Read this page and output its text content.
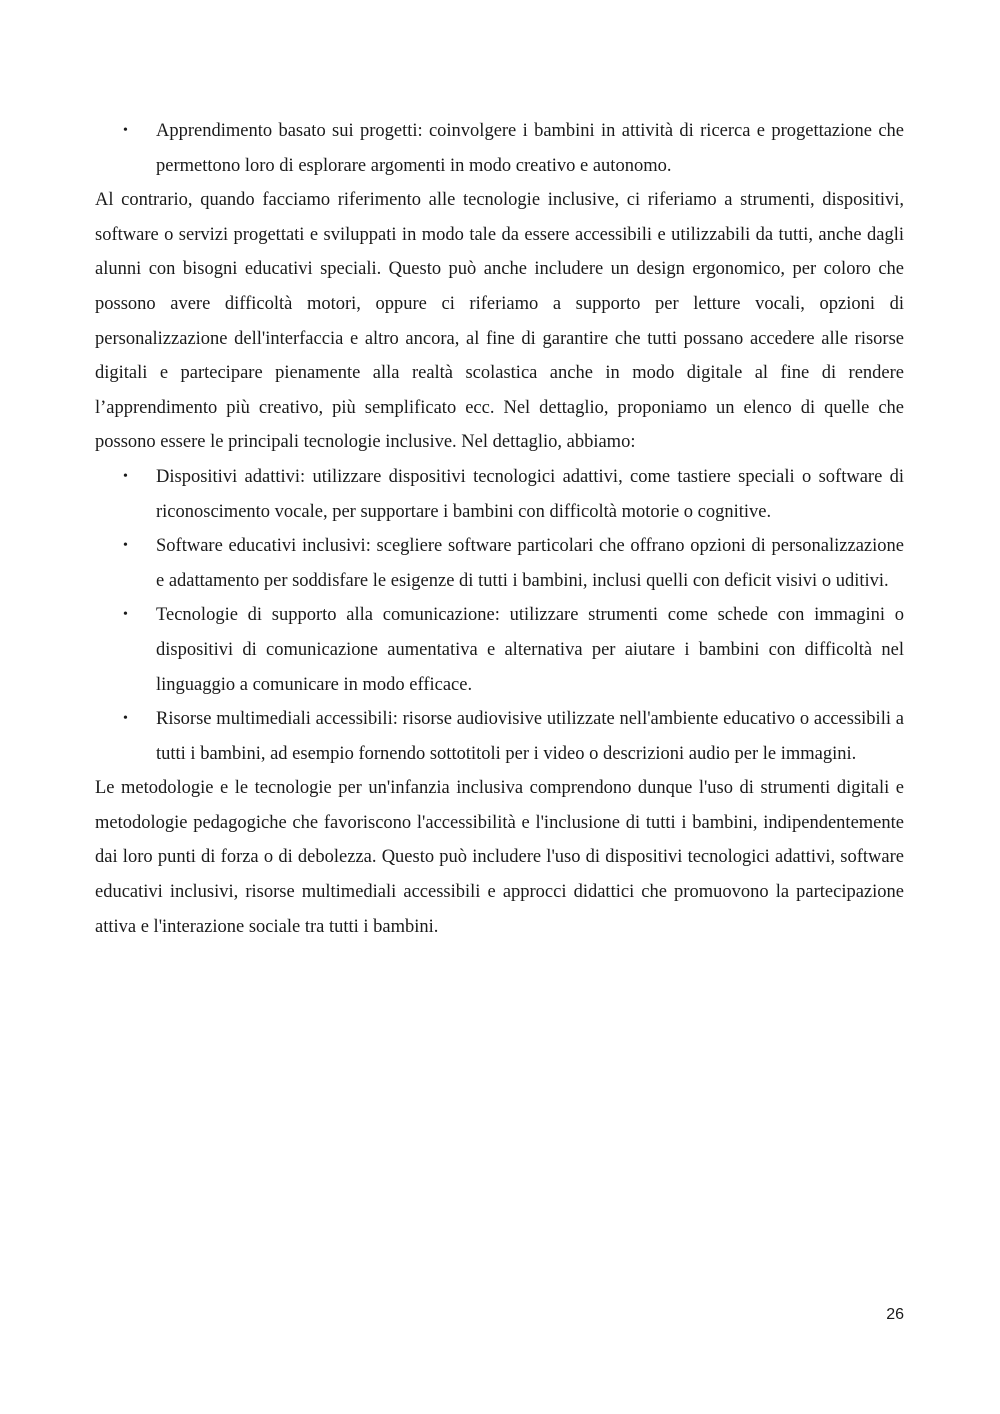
• Apprendimento basato sui progetti: coinvolgere i bambini in attività di ricerca e progettazione che permettono loro di esplorare argomenti in modo creativo e autonomo.

Al contrario, quando facciamo riferimento alle tecnologie inclusive, ci riferiamo a strumenti, dispositivi, software o servizi progettati e sviluppati in modo tale da essere accessibili e utilizzabili da tutti, anche dagli alunni con bisogni educativi speciali. Questo può anche includere un design ergonomico, per coloro che possono avere difficoltà motori, oppure ci riferiamo a supporto per letture vocali, opzioni di personalizzazione dell'interfaccia e altro ancora, al fine di garantire che tutti possano accedere alle risorse digitali e partecipare pienamente alla realtà scolastica anche in modo digitale al fine di rendere l’apprendimento più creativo, più semplificato ecc. Nel dettaglio, proponiamo un elenco di quelle che possono essere le principali tecnologie inclusive. Nel dettaglio, abbiamo:

• Dispositivi adattivi: utilizzare dispositivi tecnologici adattivi, come tastiere speciali o software di riconoscimento vocale, per supportare i bambini con difficoltà motorie o cognitive.
• Software educativi inclusivi: scegliere software particolari che offrano opzioni di personalizzazione e adattamento per soddisfare le esigenze di tutti i bambini, inclusi quelli con deficit visivi o uditivi.
• Tecnologie di supporto alla comunicazione: utilizzare strumenti come schede con immagini o dispositivi di comunicazione aumentativa e alternativa per aiutare i bambini con difficoltà nel linguaggio a comunicare in modo efficace.
• Risorse multimediali accessibili: risorse audiovisive utilizzate nell'ambiente educativo o accessibili a tutti i bambini, ad esempio fornendo sottotitoli per i video o descrizioni audio per le immagini.

Le metodologie e le tecnologie per un'infanzia inclusiva comprendono dunque l'uso di strumenti digitali e metodologie pedagogiche che favoriscono l'accessibilità e l'inclusione di tutti i bambini, indipendentemente dai loro punti di forza o di debolezza. Questo può includere l'uso di dispositivi tecnologici adattivi, software educativi inclusivi, risorse multimediali accessibili e approcci didattici che promuovono la partecipazione attiva e l'interazione sociale tra tutti i bambini.

26
